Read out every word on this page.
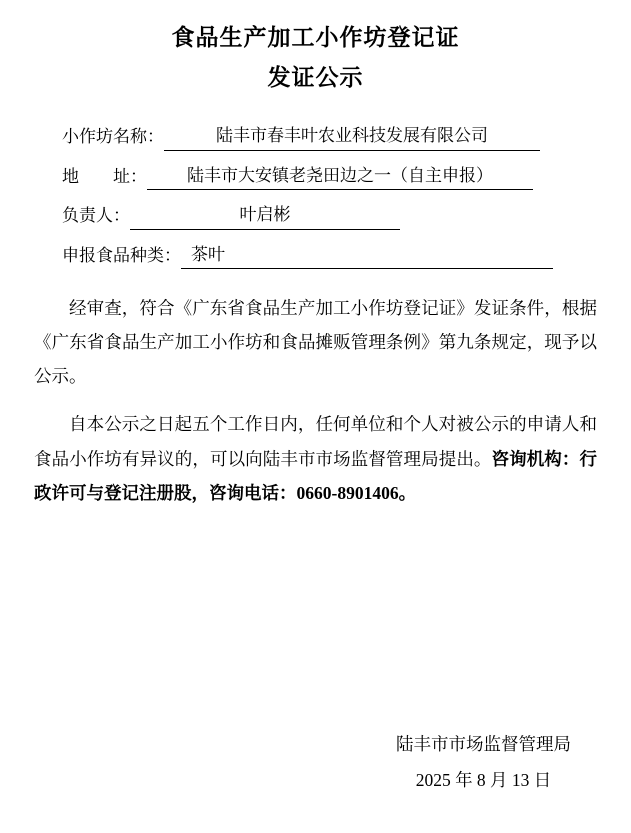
食品生产加工小作坊登记证
发证公示
小作坊名称：	陆丰市春丰叶农业科技发展有限公司
地　　址：	陆丰市大安镇老尧田边之一（自主申报）
负责人：	叶启彬
申报食品种类： 茶叶

经审查，符合《广东省食品生产加工小作坊登记证》发证条件，根据《广东省食品生产加工小作坊和食品摊贩管理条例》第九条规定，现予以公示。

自本公示之日起五个工作日内，任何单位和个人对被公示的申请人和食品小作坊有异议的，可以向陆丰市市场监督管理局提出。咨询机构：行政许可与登记注册股，咨询电话：0660-8901406。

陆丰市市场监督管理局
2025 年 8 月 13 日
